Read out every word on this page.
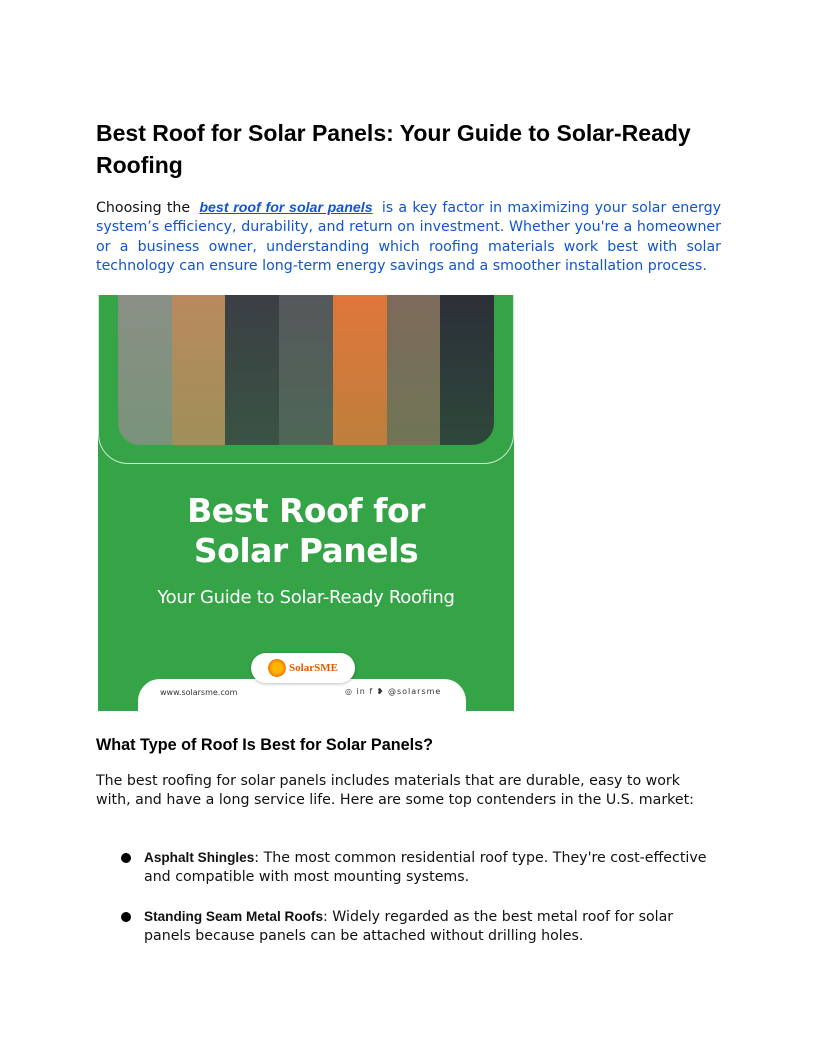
Best Roof for Solar Panels: Your Guide to Solar-Ready Roofing

Choosing the best roof for solar panels is a key factor in maximizing your solar energy system’s efficiency, durability, and return on investment. Whether you're a homeowner or a business owner, understanding which roofing materials work best with solar technology can ensure long-term energy savings and a smoother installation process.

Best Roof for
Solar Panels
Your Guide to Solar-Ready Roofing
www.solarsme.com	◎ in f ❥ @solarsme
SolarSME
What Type of Roof Is Best for Solar Panels?

The best roofing for solar panels includes materials that are durable, easy to work with, and have a long service life. Here are some top contenders in the U.S. market:

Asphalt Shingles: The most common residential roof type. They're cost-effective and compatible with most mounting systems.
Standing Seam Metal Roofs: Widely regarded as the best metal roof for solar panels because panels can be attached without drilling holes.
